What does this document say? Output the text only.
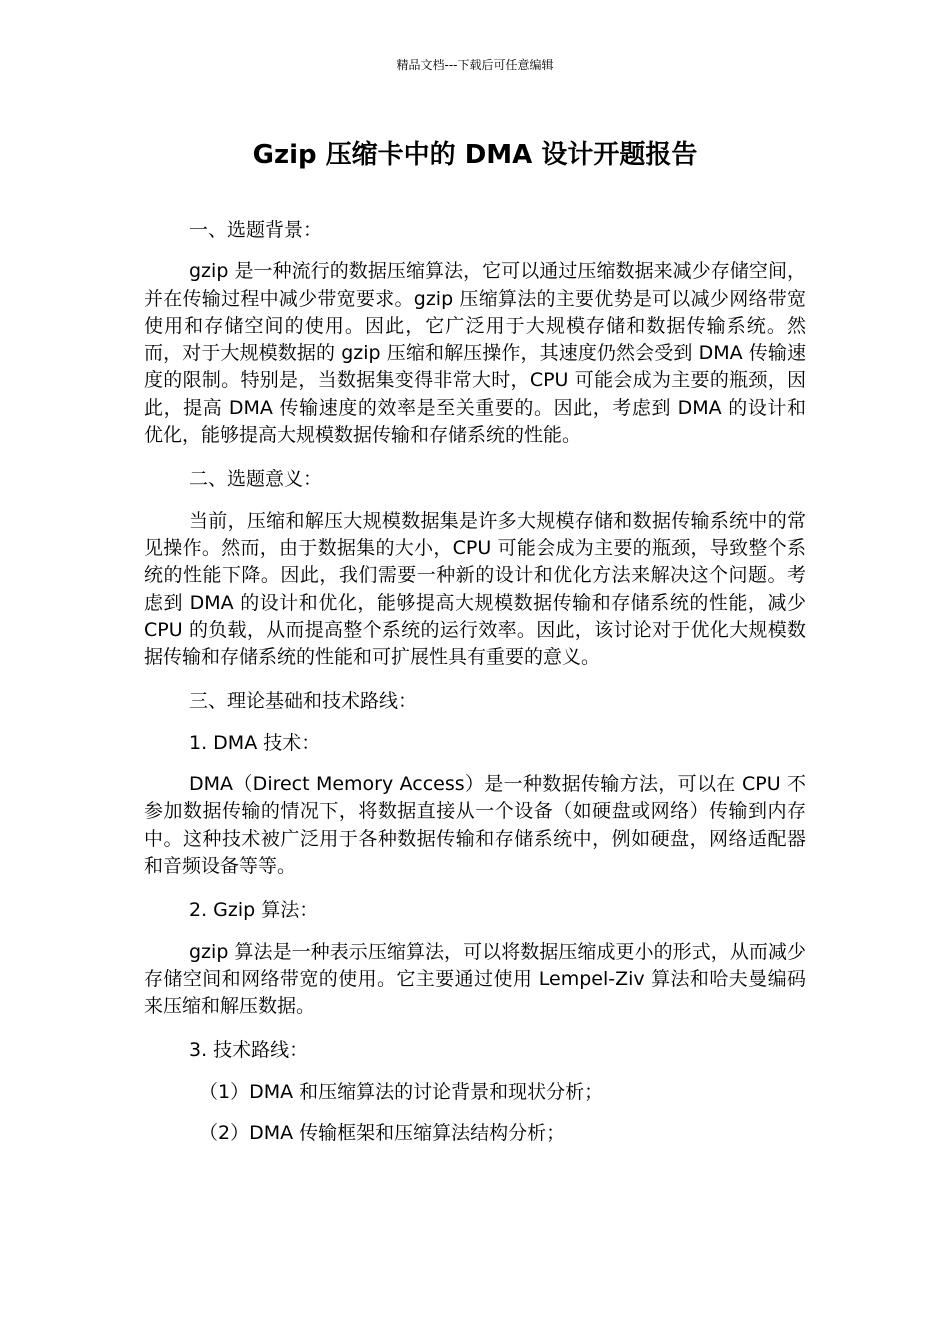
精品文档---下载后可任意编辑
Gzip 压缩卡中的 DMA 设计开题报告

一、选题背景：

gzip 是一种流行的数据压缩算法，它可以通过压缩数据来减少存储空间，并在传输过程中减少带宽要求。gzip 压缩算法的主要优势是可以减少网络带宽使用和存储空间的使用。因此，它广泛用于大规模存储和数据传输系统。然而，对于大规模数据的 gzip 压缩和解压操作，其速度仍然会受到 DMA 传输速度的限制。特别是，当数据集变得非常大时，CPU 可能会成为主要的瓶颈，因此，提高 DMA 传输速度的效率是至关重要的。因此，考虑到 DMA 的设计和优化，能够提高大规模数据传输和存储系统的性能。

二、选题意义：

当前，压缩和解压大规模数据集是许多大规模存储和数据传输系统中的常见操作。然而，由于数据集的大小，CPU 可能会成为主要的瓶颈，导致整个系统的性能下降。因此，我们需要一种新的设计和优化方法来解决这个问题。考虑到 DMA 的设计和优化，能够提高大规模数据传输和存储系统的性能，减少 CPU 的负载，从而提高整个系统的运行效率。因此，该讨论对于优化大规模数据传输和存储系统的性能和可扩展性具有重要的意义。

三、理论基础和技术路线：

1. DMA 技术：

DMA（Direct Memory Access）是一种数据传输方法，可以在 CPU 不参加数据传输的情况下，将数据直接从一个设备（如硬盘或网络）传输到内存中。这种技术被广泛用于各种数据传输和存储系统中，例如硬盘，网络适配器和音频设备等等。

2. Gzip 算法：

gzip 算法是一种表示压缩算法，可以将数据压缩成更小的形式，从而减少存储空间和网络带宽的使用。它主要通过使用 Lempel-Ziv 算法和哈夫曼编码来压缩和解压数据。

3. 技术路线：

（1）DMA 和压缩算法的讨论背景和现状分析；

（2）DMA 传输框架和压缩算法结构分析；
